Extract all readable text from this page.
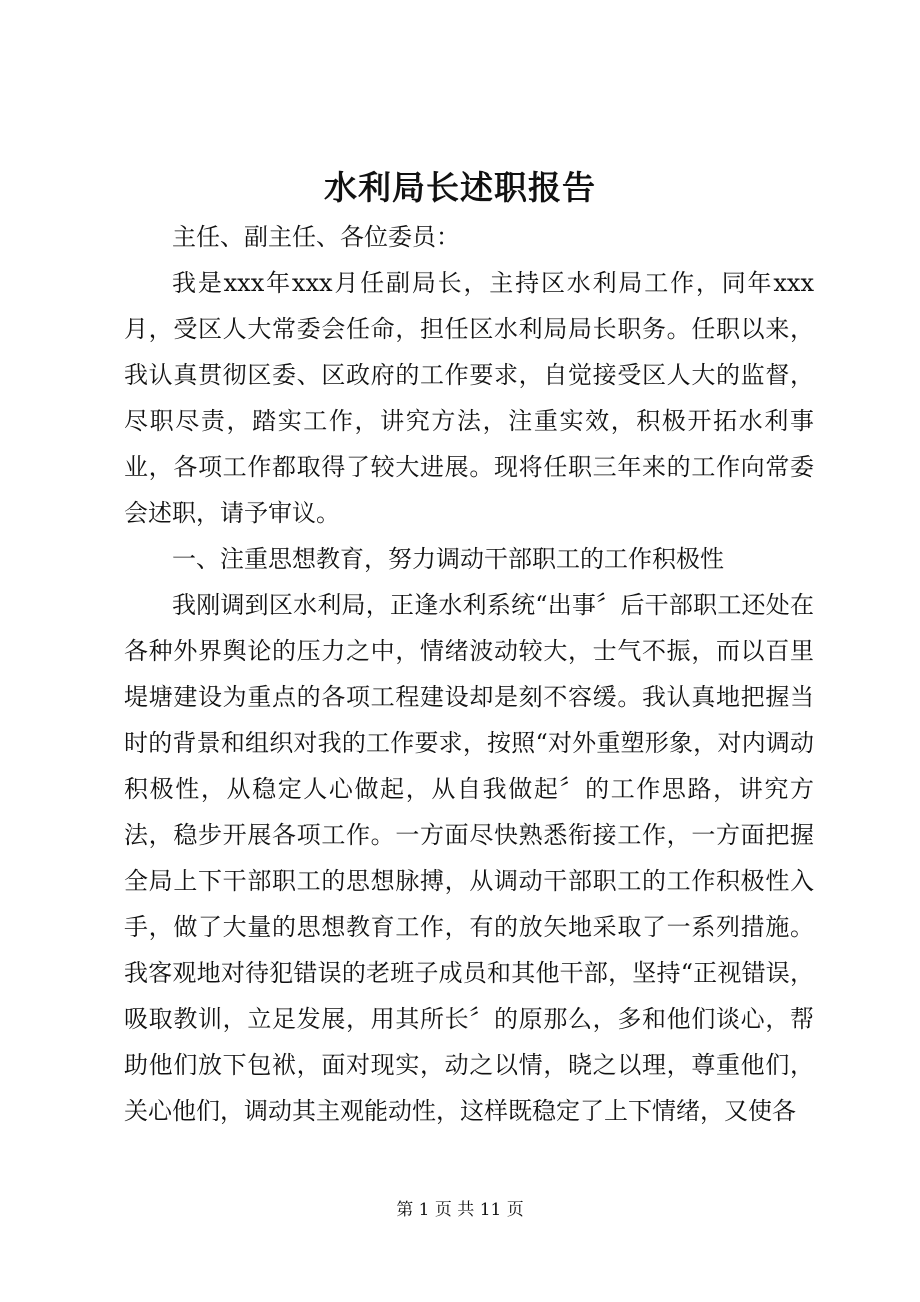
水利局长述职报告

主任、副主任、各位委员：

我是xxx年xxx月任副局长，主持区水利局工作，同年xxx月，受区人大常委会任命，担任区水利局局长职务。任职以来，我认真贯彻区委、区政府的工作要求，自觉接受区人大的监督，尽职尽责，踏实工作，讲究方法，注重实效，积极开拓水利事业，各项工作都取得了较大进展。现将任职三年来的工作向常委会述职，请予审议。

一、注重思想教育，努力调动干部职工的工作积极性

我刚调到区水利局，正逢水利系统“出事〞后干部职工还处在各种外界舆论的压力之中，情绪波动较大，士气不振，而以百里堤塘建设为重点的各项工程建设却是刻不容缓。我认真地把握当时的背景和组织对我的工作要求，按照“对外重塑形象，对内调动积极性，从稳定人心做起，从自我做起〞的工作思路，讲究方法，稳步开展各项工作。一方面尽快熟悉衔接工作，一方面把握全局上下干部职工的思想脉搏，从调动干部职工的工作积极性入手，做了大量的思想教育工作，有的放矢地采取了一系列措施。我客观地对待犯错误的老班子成员和其他干部，坚持“正视错误，吸取教训，立足发展，用其所长〞的原那么，多和他们谈心，帮助他们放下包袱，面对现实，动之以情，晓之以理，尊重他们，关心他们，调动其主观能动性，这样既稳定了上下情绪，又使各

第 1 页 共 11 页
